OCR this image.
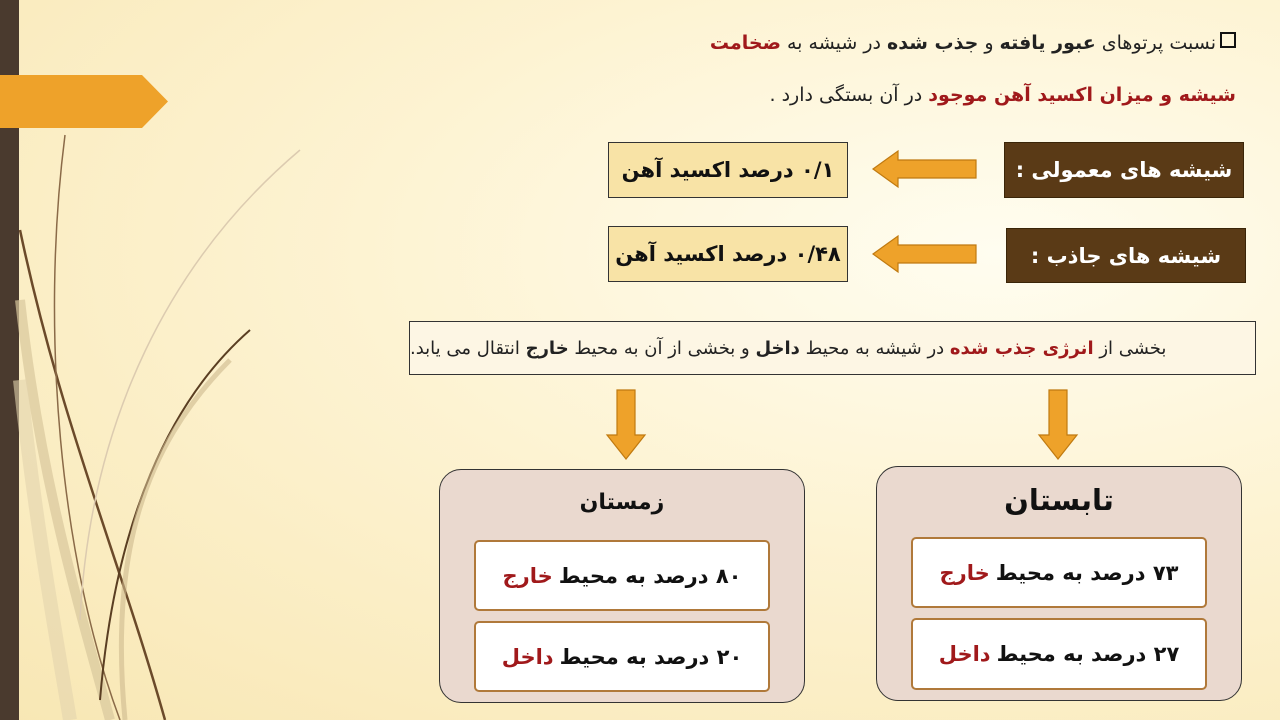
نسبت پرتوهای عبور یافته و جذب شده در شیشه به ضخامت
شیشه و میزان اکسید آهن موجود در آن بستگی دارد .
شیشه های معمولی :
۰/۱ درصد اکسید آهن
شیشه های جاذب :
۰/۴۸ درصد اکسید آهن
بخشی از انرژی جذب شده در شیشه به محیط داخل و بخشی از آن به محیط خارج انتقال می یابد.
تابستان
۷۳ درصد به محیط
خارج
۲۷ درصد به محیط
داخل
زمستان
۸۰ درصد به محیط
خارج
۲۰ درصد به محیط
داخل
